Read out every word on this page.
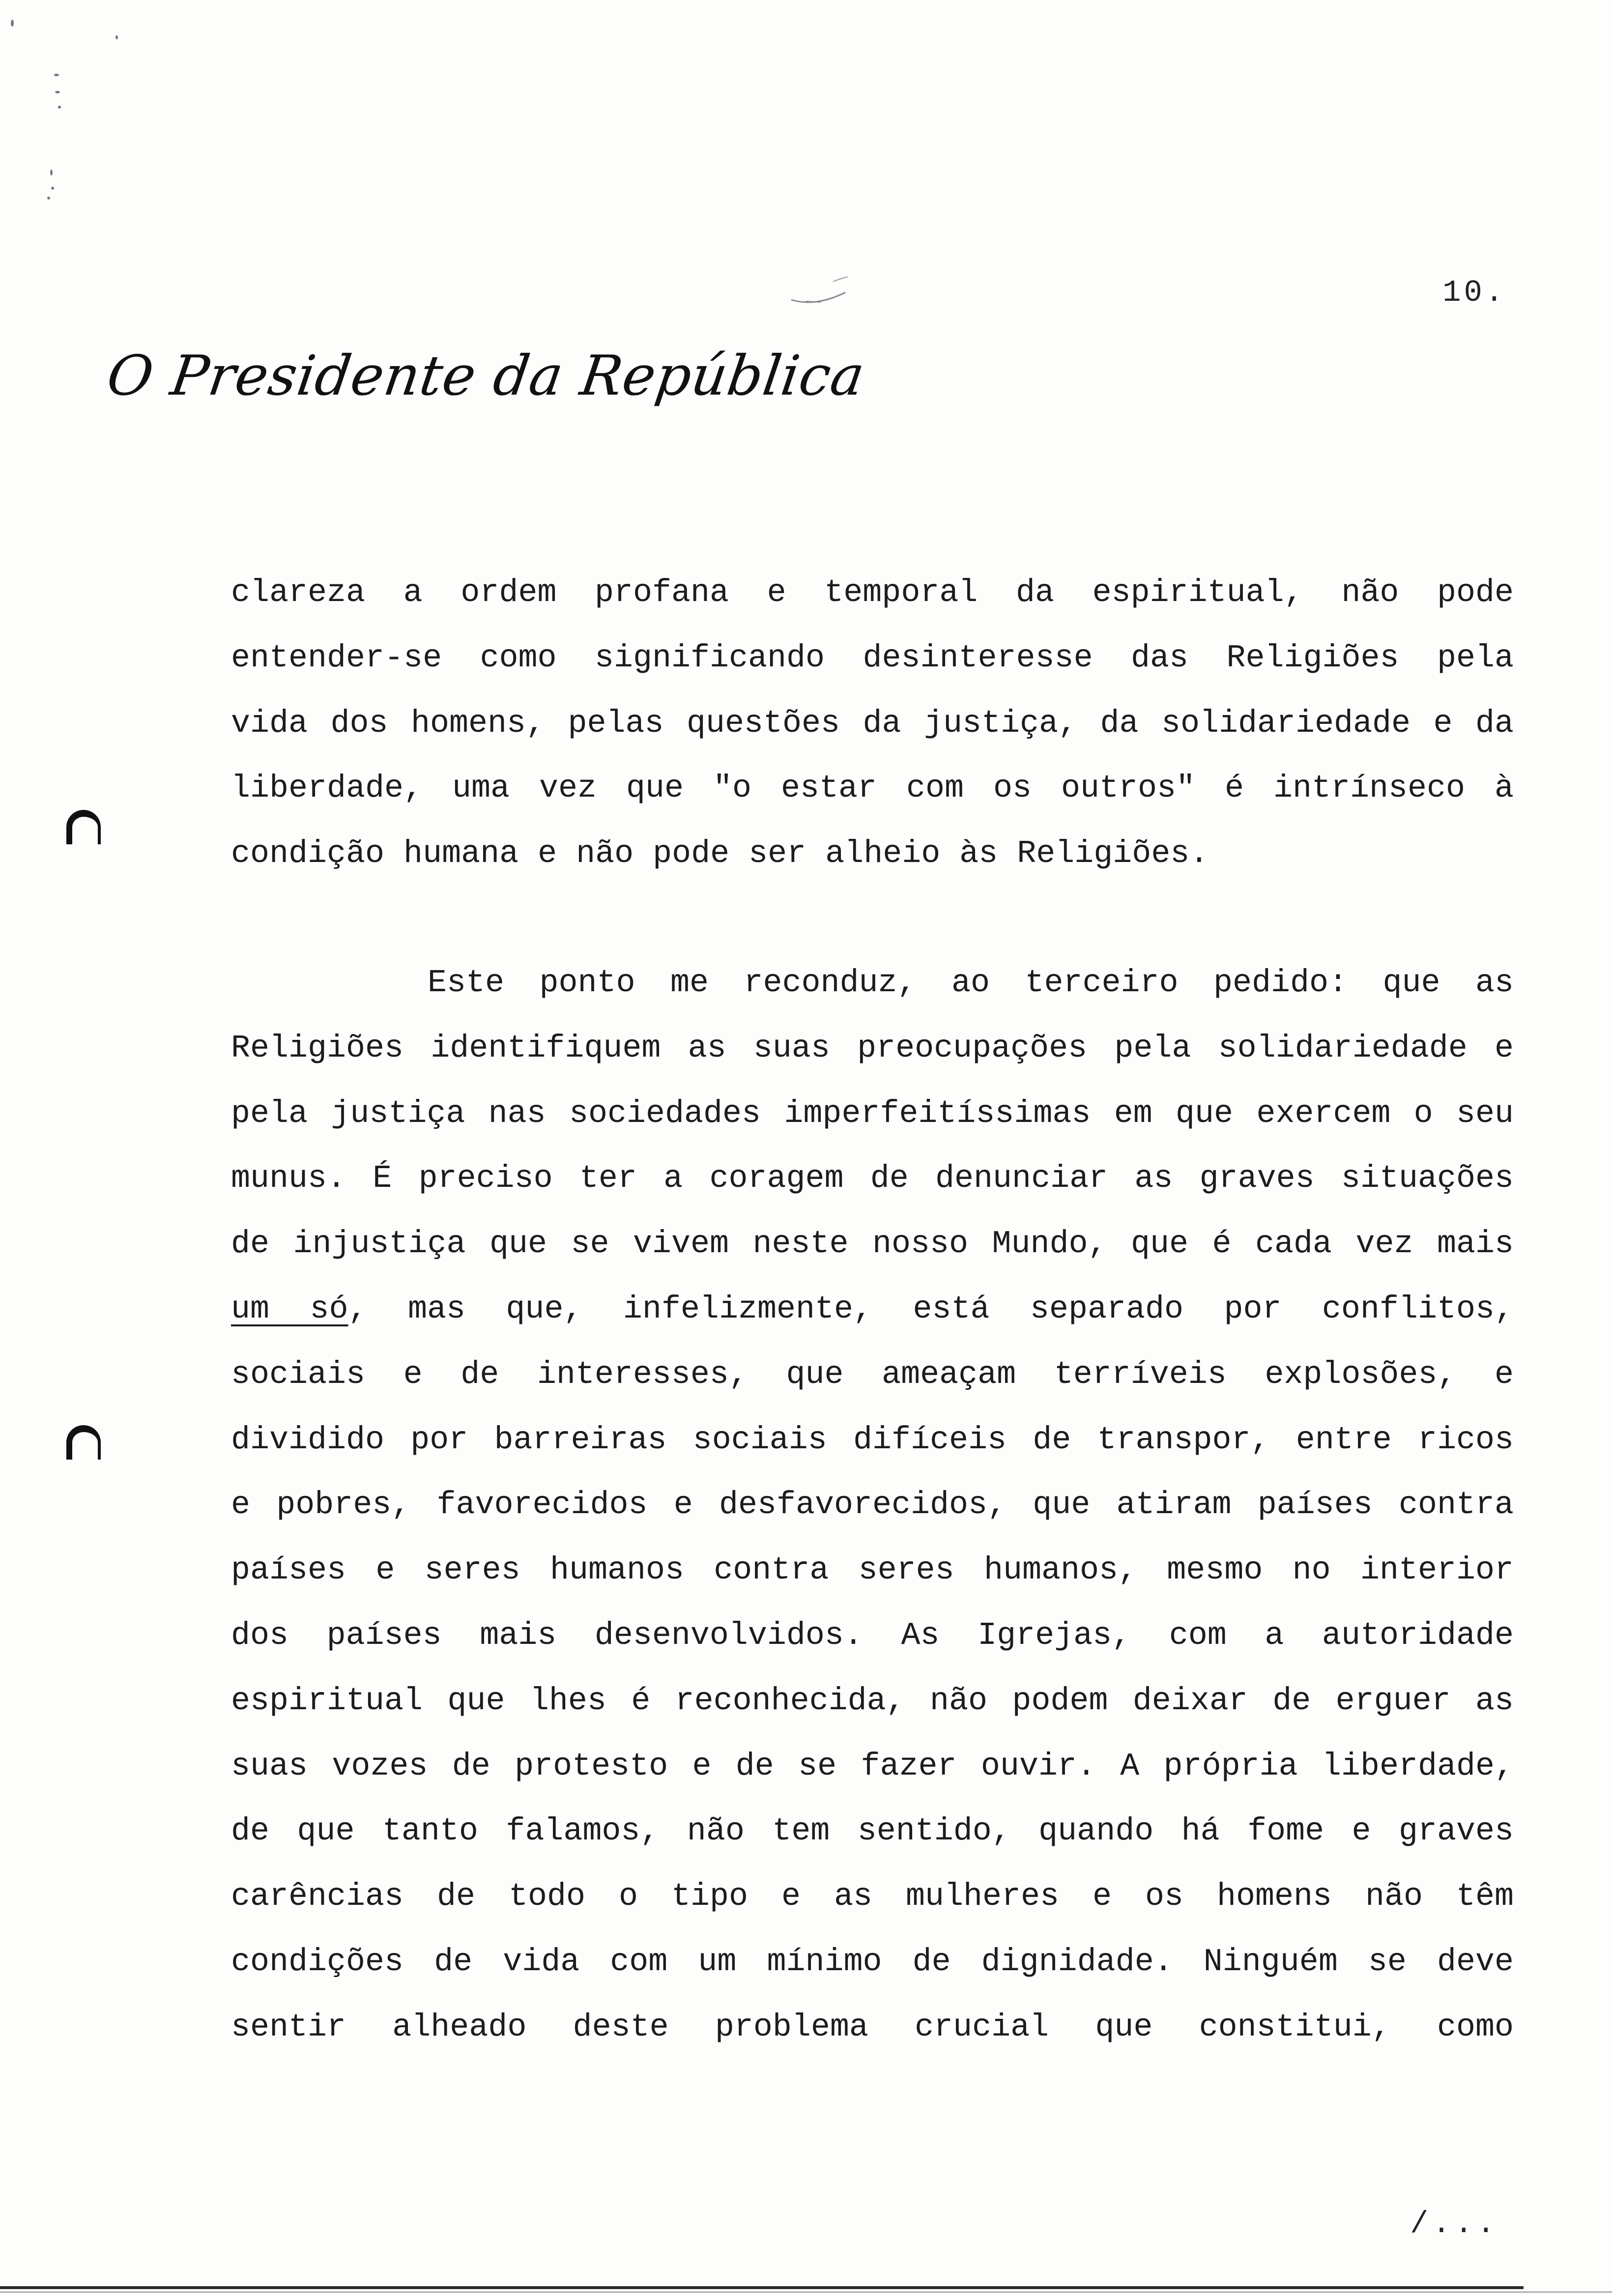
10.
O Presidente da República
clareza a ordem profana e temporal da espiritual, não pode
entender-se como significando desinteresse das Religiões pela
vida dos homens, pelas questões da justiça, da solidariedade e da
liberdade, uma vez que "o estar com os outros" é intrínseco à
condição humana e não pode ser alheio às Religiões.
Este ponto me reconduz, ao terceiro pedido: que as
Religiões identifiquem as suas preocupações pela solidariedade e
pela justiça nas sociedades imperfeitíssimas em que exercem o seu
munus. É preciso ter a coragem de denunciar as graves situações
de injustiça que se vivem neste nosso Mundo, que é cada vez mais
um só, mas que, infelizmente, está separado por conflitos,
sociais e de interesses, que ameaçam terríveis explosões, e
dividido por barreiras sociais difíceis de transpor, entre ricos
e pobres, favorecidos e desfavorecidos, que atiram países contra
países e seres humanos contra seres humanos, mesmo no interior
dos países mais desenvolvidos. As Igrejas, com a autoridade
espiritual que lhes é reconhecida, não podem deixar de erguer as
suas vozes de protesto e de se fazer ouvir. A própria liberdade,
de que tanto falamos, não tem sentido, quando há fome e graves
carências de todo o tipo e as mulheres e os homens não têm
condições de vida com um mínimo de dignidade. Ninguém se deve
sentir alheado deste problema crucial que constitui, como
/...
